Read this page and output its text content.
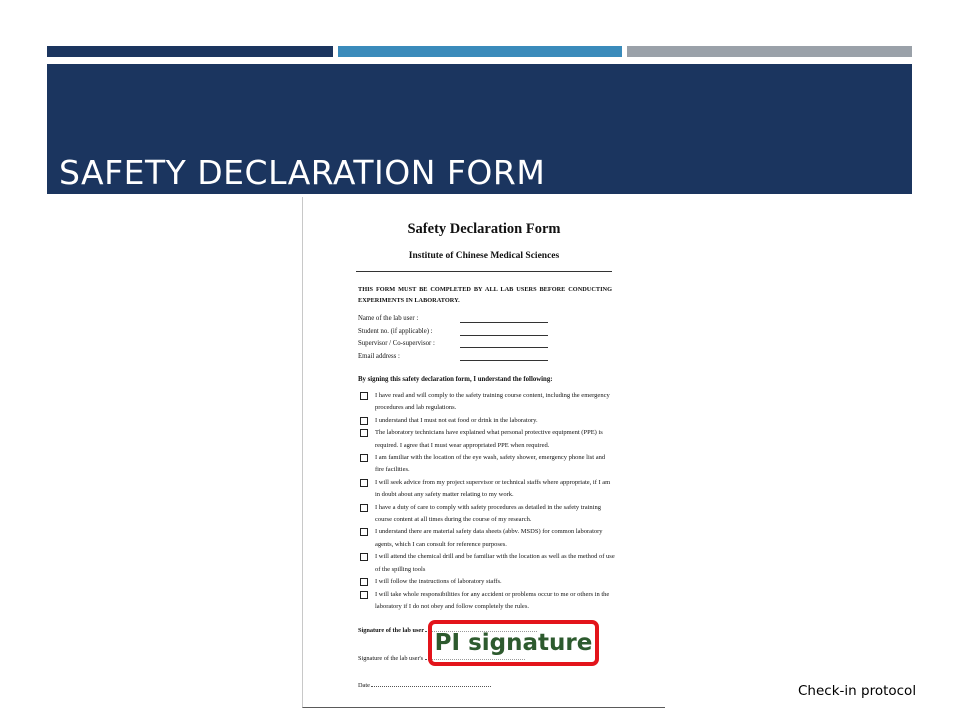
SAFETY DECLARATION FORM
Safety Declaration Form
Institute of Chinese Medical Sciences
THIS FORM MUST BE COMPLETED BY ALL LAB USERS BEFORE CONDUCTING EXPERIMENTS IN LABORATORY.
Name of the lab user :
Student no. (if applicable) :
Supervisor / Co-supervisor :
Email address :
By signing this safety declaration form, I understand the following:
I have read and will comply to the safety training course content, including the emergency procedures and lab regulations.
I understand that I must not eat food or drink in the laboratory.
The laboratory technicians have explained what personal protective equipment (PPE) is required. I agree that I must wear appropriated PPE when required.
I am familiar with the location of the eye wash, safety shower, emergency phone list and fire facilities.
I will seek advice from my project supervisor or technical staffs where appropriate, if I am in doubt about any safety matter relating to my work.
I have a duty of care to comply with safety procedures as detailed in the safety training course content at all times during the course of my research.
I understand there are material safety data sheets (abbv. MSDS) for common laboratory agents, which I can consult for reference purposes.
I will attend the chemical drill and be familiar with the location as well as the method of use of the spilling tools
I will follow the instructions of laboratory staffs.
I will take whole responsibilities for any accident or problems occur to me or others in the laboratory if I do not obey and follow completely the rules.
Signature of the lab user
Signature of the lab user's
Date
PI signature
Check-in protocol
